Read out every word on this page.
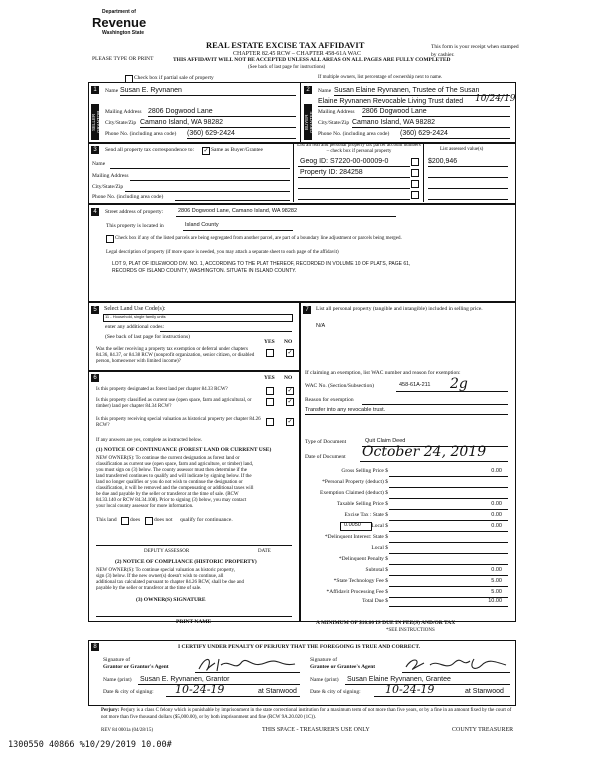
Department of
Revenue
Washington State
REAL ESTATE EXCISE TAX AFFIDAVIT
CHAPTER 82.45 RCW – CHAPTER 458-61A WAC
THIS AFFIDAVIT WILL NOT BE ACCEPTED UNLESS ALL AREAS ON ALL PAGES ARE FULLY COMPLETED
(See back of last page for instructions)
PLEASE TYPE OR PRINT
This form is your receipt when stamped by cashier.
Check box if partial sale of property	If multiple owners, list percentage of ownership next to name.
1
SELLER GRANTOR
Name Susan E. Ryvnanen
Mailing Address 2806 Dogwood Lane
City/State/Zip Camano Island, WA 98282
Phone No. (including area code) (360) 629-2424
2
BUYER GRANTEE
Name Susan Elaine Ryvnanen, Trustee of The Susan
Elaine Ryvnanen Revocable Living Trust dated 10/24/19
Mailing Address 2806 Dogwood Lane
City/State/Zip Camano Island, WA 98282
Phone No. (including area code) (360) 629-2424
3	Send all property tax correspondence to: ✓ Same as Buyer/Grantee
Name
Mailing Address
City/State/Zip
Phone No. (including area code)
List all real and personal property tax parcel account numbers – check box if personal property	List assessed value(s)
Geog ID: S7220-00-00009-0	$200,946
Property ID: 284258
4	Street address of property:	2806 Dogwood Lane, Camano Island, WA 98282
This property is located in	Island County
Check box if any of the listed parcels are being segregated from another parcel, are part of a boundary line adjustment or parcels being merged.
Legal description of property (if more space is needed, you may attach a separate sheet to each page of the affidavit)
LOT 9, PLAT OF IDLEWOOD DIV. NO. 1, ACCORDING TO THE PLAT THEREOF, RECORDED IN VOLUME 10 OF PLATS, PAGE 61,
RECORDS OF ISLAND COUNTY, WASHINGTON. SITUATE IN ISLAND COUNTY.
5	Select Land Use Code(s):
11 - Household, single family units
enter any additional codes:
(See back of last page for instructions)
YES NO
Was the seller receiving a property tax exemption or deferral under chapters 84.36, 84.37, or 84.38 RCW (nonprofit organization, senior citizen, or disabled person, homeowner with limited income)?
✓
7	List all personal property (tangible and intangible) included in selling price.
N/A
If claiming an exemption, list WAC number and reason for exemption:
WAC No. (Section/Subsection)	458-61A-211 2g
Reason for exemption
Transfer into any revocable trust.
Type of Document	Quit Claim Deed
Date of Document October 24, 2019
Gross Selling Price $	0.00
*Personal Property (deduct) $
Exemption Claimed (deduct) $
Taxable Selling Price $	0.00
Excise Tax : State $	0.00
0.0050 Local $	0.00
*Delinquent Interest: State $
Local $
*Delinquent Penalty $
Subtotal $	0.00
*State Technology Fee $	5.00
*Affidavit Processing Fee $	5.00
Total Due $	10.00
A MINIMUM OF $10.00 IS DUE IN FEE(S) AND/OR TAX
*SEE INSTRUCTIONS
6	YES NO
Is this property designated as forest land per chapter 84.33 RCW?	✓
Is this property classified as current use (open space, farm and agricultural, or timber) land per chapter 84.34 RCW?
✓
Is this property receiving special valuation as historical property per chapter 84.26 RCW?
✓
If any answers are yes, complete as instructed below.
(1) NOTICE OF CONTINUANCE (FOREST LAND OR CURRENT USE)
NEW OWNER(S): To continue the current designation as forest land or
classification as current use (open space, farm and agriculture, or timber) land,
you must sign on (3) below. The county assessor must then determine if the
land transferred continues to qualify and will indicate by signing below. If the
land no longer qualifies or you do not wish to continue the designation or
classification, it will be removed and the compensating or additional taxes will
be due and payable by the seller or transferor at the time of sale. (RCW
84.33.140 or RCW 84.34.108). Prior to signing (3) below, you may contact
your local county assessor for more information.
This land does	does not qualify for continuance.
DEPUTY ASSESSOR	DATE
(2) NOTICE OF COMPLIANCE (HISTORIC PROPERTY)
NEW OWNER(S): To continue special valuation as historic property,
sign (3) below. If the new owner(s) doesn't wish to continue, all
additional tax calculated pursuant to chapter 84.26 RCW, shall be due and
payable by the seller or transferor at the time of sale.
(3) OWNER(S) SIGNATURE
PRINT NAME
8	I CERTIFY UNDER PENALTY OF PERJURY THAT THE FOREGOING IS TRUE AND CORRECT.
Signature of
Grantor or Grantor's Agent
Name (print) Susan E. Ryvnanen, Grantor
Date & city of signing: 10-24-19	at Stanwood
Signature of
Grantee or Grantee's Agent
Name (print) Susan Elaine Ryvnanen, Grantee
Date & city of signing: 10-24-19	at Stanwood
Perjury: Perjury is a class C felony which is punishable by imprisonment in the state correctional institution for a maximum term of not more than five years, or by a fine in an amount fixed by the court of not more than five thousand dollars ($5,000.00), or by both imprisonment and fine (RCW 9A.20.020 (1C)).
REV 84 0001a (04/28/15)	THIS SPACE - TREASURER'S USE ONLY	COUNTY TREASURER
1300550 40866 %10/29/2019 10.00#
